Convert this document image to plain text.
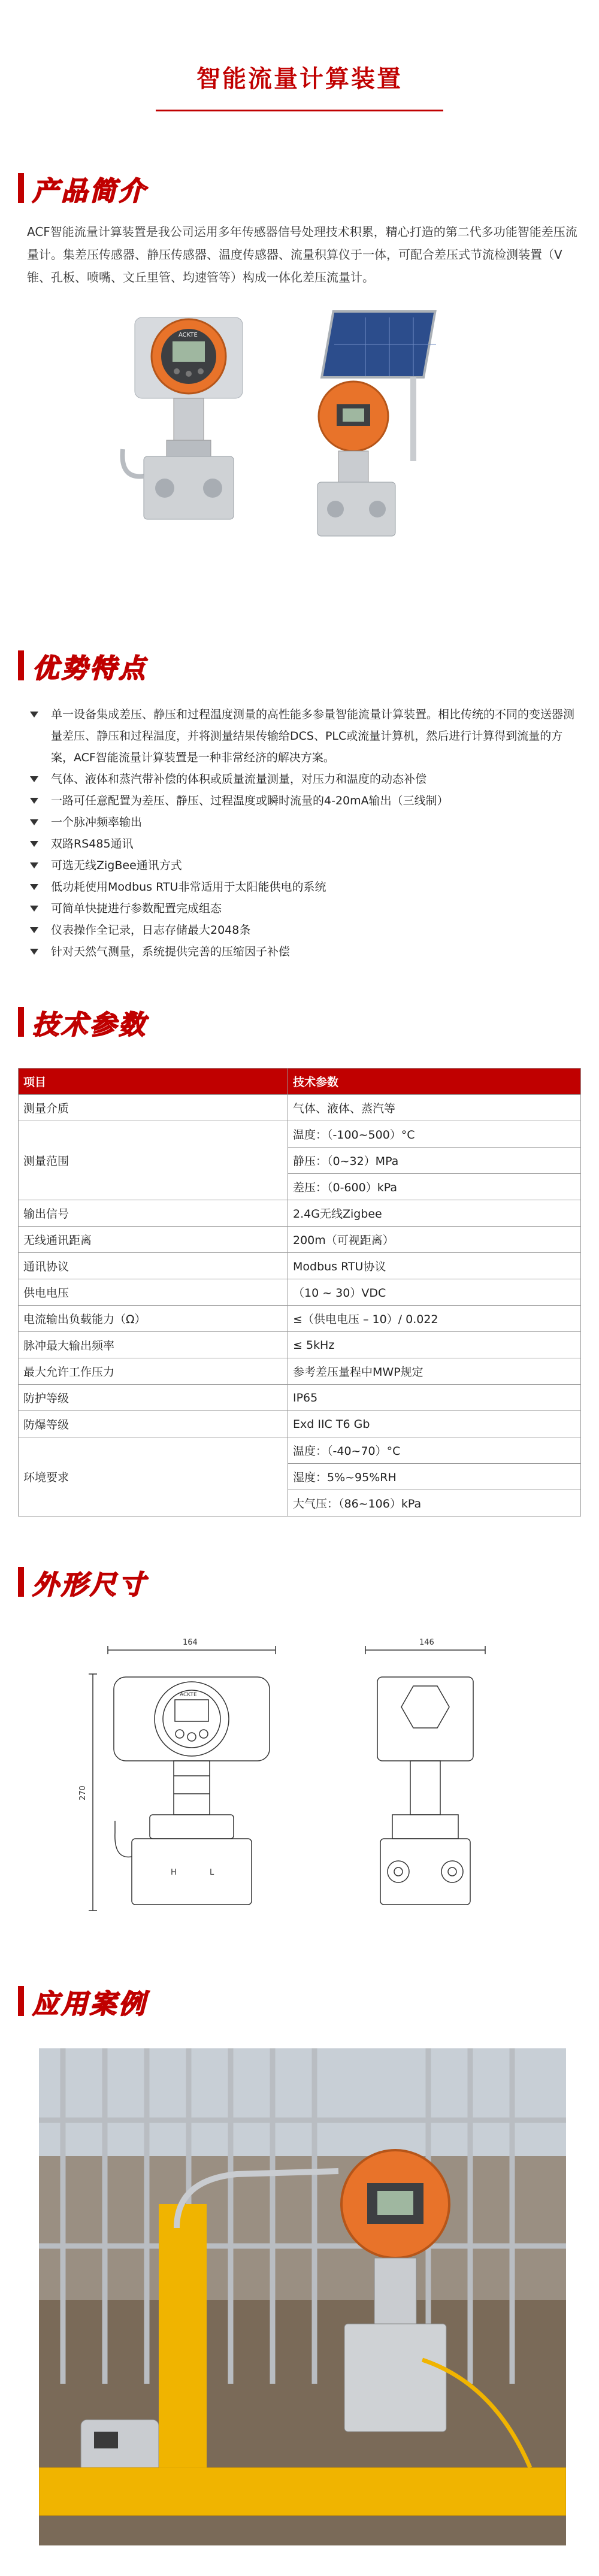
智能流量计算装置
产品简介

ACF智能流量计算装置是我公司运用多年传感器信号处理技术积累，精心打造的第二代多功能智能差压流量计。集差压传感器、静压传感器、温度传感器、流量积算仪于一体，可配合差压式节流检测装置（V锥、孔板、喷嘴、文丘里管、均速管等）构成一体化差压流量计。

ACKTE
优势特点
单一设备集成差压、静压和过程温度测量的高性能多参量智能流量计算装置。相比传统的不同的变送器测量差压、静压和过程温度，并将测量结果传输给DCS、PLC或流量计算机，然后进行计算得到流量的方案，ACF智能流量计算装置是一种非常经济的解决方案。
气体、液体和蒸汽带补偿的体积或质量流量测量，对压力和温度的动态补偿
一路可任意配置为差压、静压、过程温度或瞬时流量的4-20mA输出（三线制）
一个脉冲频率输出
双路RS485通讯
可选无线ZigBee通讯方式
低功耗使用Modbus RTU非常适用于太阳能供电的系统
可简单快捷进行参数配置完成组态
仪表操作全记录，日志存储最大2048条
针对天然气测量，系统提供完善的压缩因子补偿
技术参数
项目	技术参数
测量介质	气体、液体、蒸汽等
测量范围	温度：（-100~500）°C
	静压：（0~32）MPa
	差压：（0-600）kPa
输出信号	2.4G无线Zigbee
无线通讯距离	200m（可视距离）
通讯协议	Modbus RTU协议
供电电压	（10 ~ 30）VDC
电流输出负载能力（Ω）	≤（供电电压 – 10）/ 0.022
脉冲最大输出频率	≤ 5kHz
最大允许工作压力	参考差压量程中MWP规定
防护等级	IP65
防爆等级	Exd IIC T6 Gb
环境要求	温度：（-40~70）°C
	湿度：5%~95%RH
	大气压：（86~106）kPa
外形尺寸
164
270
ACKTE
H	L
146
应用案例
